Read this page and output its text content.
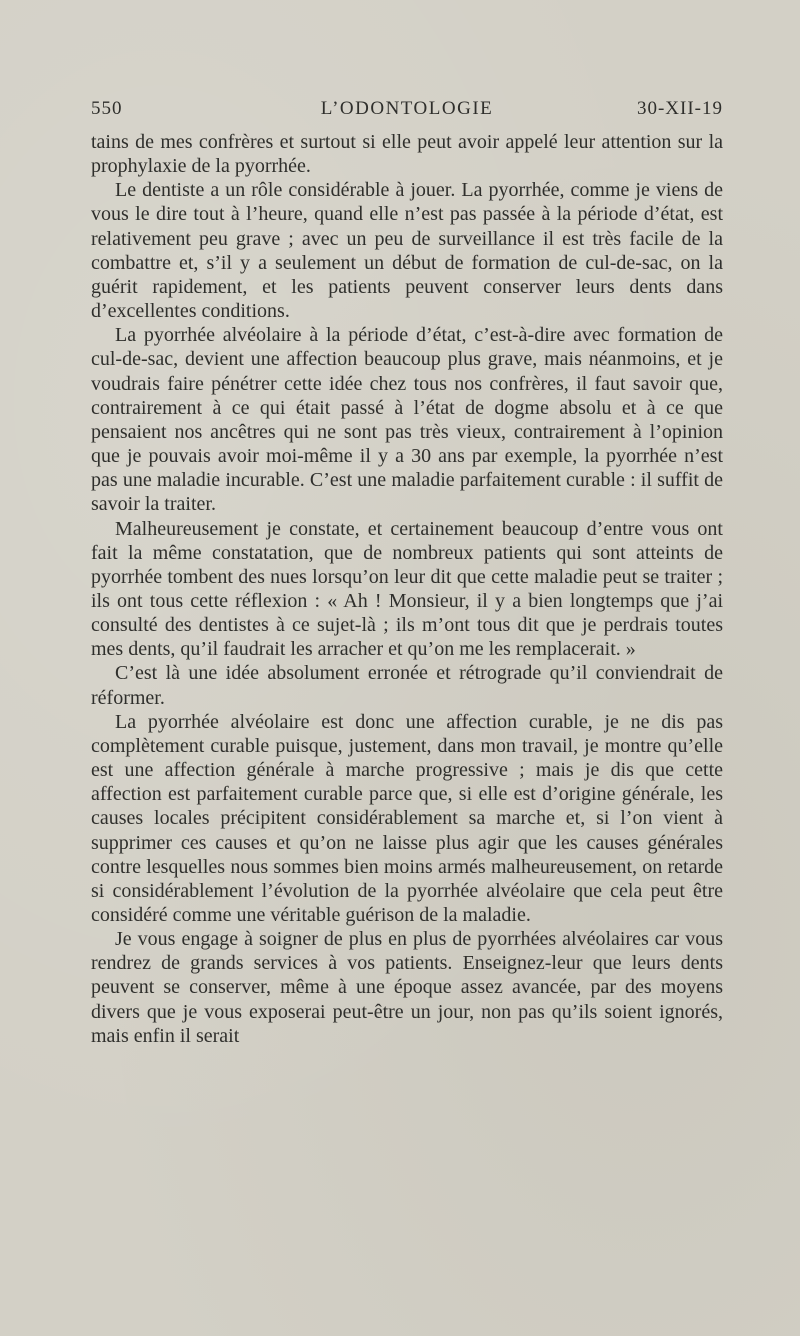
550	L’ODONTOLOGIE	30-XII-19

tains de mes confrères et surtout si elle peut avoir appelé leur attention sur la prophylaxie de la pyorrhée.

Le dentiste a un rôle considérable à jouer. La pyorrhée, comme je viens de vous le dire tout à l’heure, quand elle n’est pas passée à la période d’état, est relativement peu grave ; avec un peu de surveillance il est très facile de la combattre et, s’il y a seulement un début de formation de cul-de-sac, on la guérit rapidement, et les patients peuvent conserver leurs dents dans d’excellentes conditions.

La pyorrhée alvéolaire à la période d’état, c’est-à-dire avec formation de cul-de-sac, devient une affection beaucoup plus grave, mais néanmoins, et je voudrais faire pénétrer cette idée chez tous nos confrères, il faut savoir que, contrairement à ce qui était passé à l’état de dogme absolu et à ce que pensaient nos ancêtres qui ne sont pas très vieux, contrairement à l’opinion que je pouvais avoir moi-même il y a 30 ans par exemple, la pyorrhée n’est pas une maladie incurable. C’est une maladie parfaitement curable : il suffit de savoir la traiter.

Malheureusement je constate, et certainement beaucoup d’entre vous ont fait la même constatation, que de nombreux patients qui sont atteints de pyorrhée tombent des nues lorsqu’on leur dit que cette maladie peut se traiter ; ils ont tous cette réflexion : « Ah ! Monsieur, il y a bien longtemps que j’ai consulté des dentistes à ce sujet-là ; ils m’ont tous dit que je perdrais toutes mes dents, qu’il faudrait les arracher et qu’on me les remplacerait. »

C’est là une idée absolument erronée et rétrograde qu’il conviendrait de réformer.

La pyorrhée alvéolaire est donc une affection curable, je ne dis pas complètement curable puisque, justement, dans mon travail, je montre qu’elle est une affection générale à marche progressive ; mais je dis que cette affection est parfaitement curable parce que, si elle est d’origine générale, les causes locales précipitent considérablement sa marche et, si l’on vient à supprimer ces causes et qu’on ne laisse plus agir que les causes générales contre lesquelles nous sommes bien moins armés malheureusement, on retarde si considérablement l’évolution de la pyorrhée alvéolaire que cela peut être considéré comme une véritable guérison de la maladie.

Je vous engage à soigner de plus en plus de pyorrhées alvéolaires car vous rendrez de grands services à vos patients. Enseignez-leur que leurs dents peuvent se conserver, même à une époque assez avancée, par des moyens divers que je vous exposerai peut-être un jour, non pas qu’ils soient ignorés, mais enfin il serait
